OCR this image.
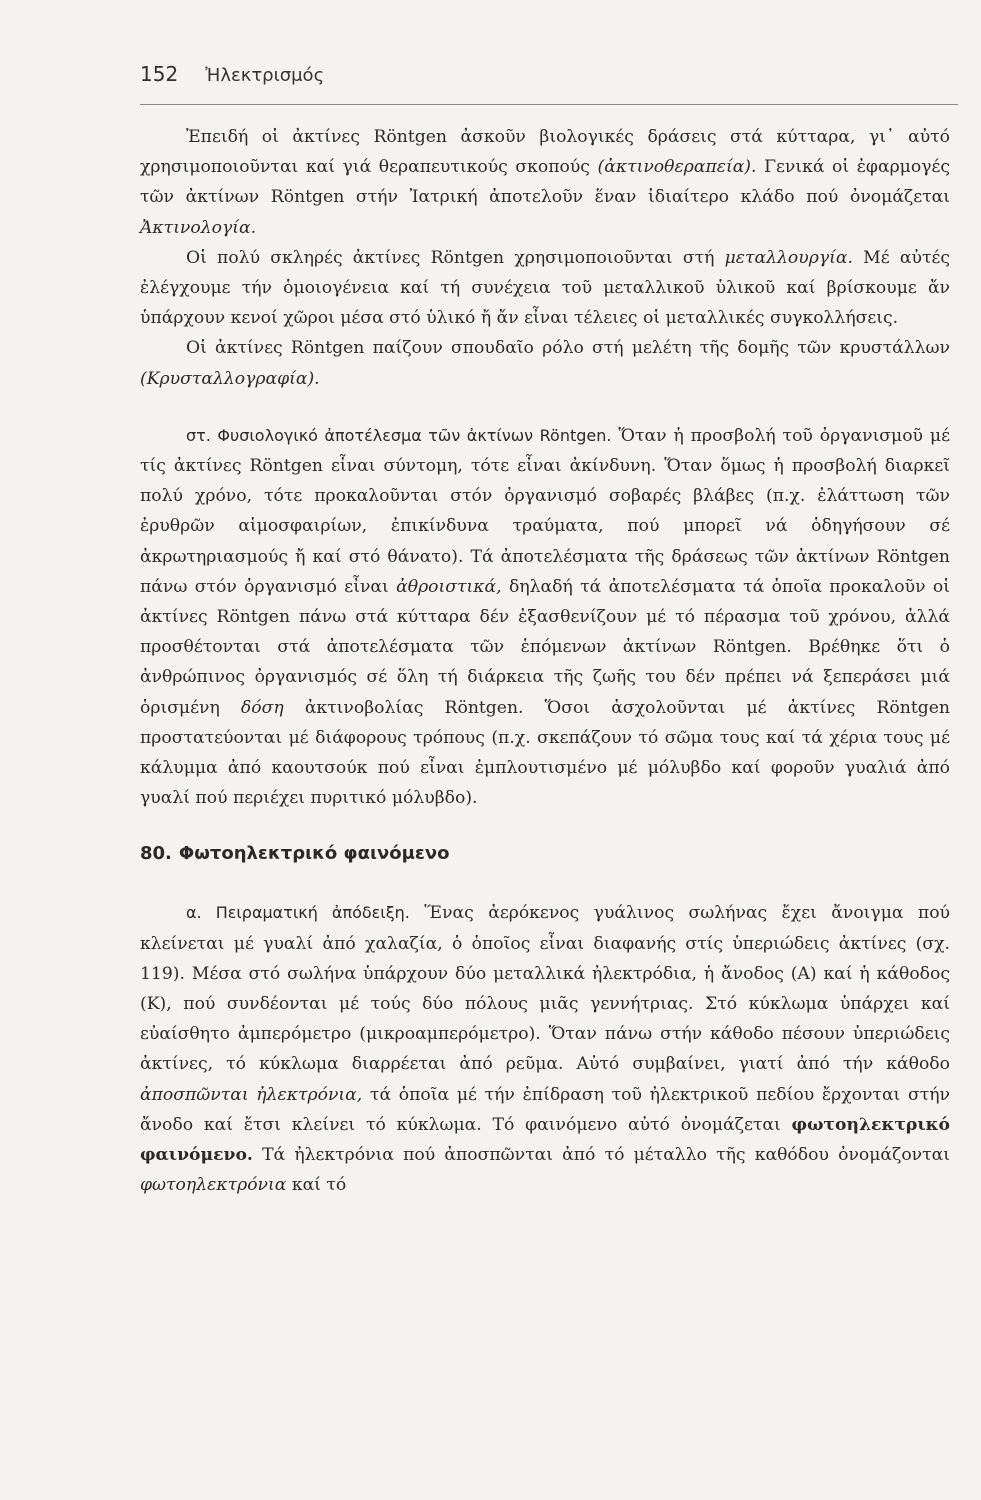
152 Ἠλεκτρισμός

Ἐπειδή οἱ ἀκτίνες Röntgen ἀσκοῦν βιολογικές δράσεις στά κύτταρα, γι᾽ αὐτό χρησιμοποιοῦνται καί γιά θεραπευτικούς σκοπούς (ἀκτινοθεραπεία). Γενικά οἱ ἐφαρμογές τῶν ἀκτίνων Röntgen στήν Ἰατρική ἀποτελοῦν ἕναν ἰδιαίτερο κλάδο πού ὀνομάζεται Ἀκτινολογία.

Οἱ πολύ σκληρές ἀκτίνες Röntgen χρησιμοποιοῦνται στή μεταλλουργία. Μέ αὐτές ἐλέγχουμε τήν ὁμοιογένεια καί τή συνέχεια τοῦ μεταλλικοῦ ὑλικοῦ καί βρίσκουμε ἄν ὑπάρχουν κενοί χῶροι μέσα στό ὑλικό ἤ ἄν εἶναι τέλειες οἱ μεταλλικές συγκολλήσεις.

Οἱ ἀκτίνες Röntgen παίζουν σπουδαῖο ρόλο στή μελέτη τῆς δομῆς τῶν κρυστάλλων (Κρυσταλλογραφία).

στ. Φυσιολογικό ἀποτέλεσμα τῶν ἀκτίνων Röntgen. Ὅταν ἡ προσβολή τοῦ ὀργανισμοῦ μέ τίς ἀκτίνες Röntgen εἶναι σύντομη, τότε εἶναι ἀκίνδυνη. Ὅταν ὅμως ἡ προσβολή διαρκεῖ πολύ χρόνο, τότε προκαλοῦνται στόν ὀργανισμό σοβαρές βλάβες (π.χ. ἐλάττωση τῶν ἐρυθρῶν αἱμοσφαιρίων, ἐπικίνδυνα τραύματα, πού μπορεῖ νά ὁδηγήσουν σέ ἀκρωτηριασμούς ἤ καί στό θάνατο). Τά ἀποτελέσματα τῆς δράσεως τῶν ἀκτίνων Röntgen πάνω στόν ὀργανισμό εἶναι ἀθροιστικά, δηλαδή τά ἀποτελέσματα τά ὁποῖα προκαλοῦν οἱ ἀκτίνες Röntgen πάνω στά κύτταρα δέν ἐξασθενίζουν μέ τό πέρασμα τοῦ χρόνου, ἀλλά προσθέτονται στά ἀποτελέσματα τῶν ἑπόμενων ἀκτίνων Röntgen. Βρέθηκε ὅτι ὁ ἀνθρώπινος ὀργανισμός σέ ὅλη τή διάρκεια τῆς ζωῆς του δέν πρέπει νά ξεπεράσει μιά ὁρισμένη δόση ἀκτινοβολίας Röntgen. Ὅσοι ἀσχολοῦνται μέ ἀκτίνες Röntgen προστατεύονται μέ διάφορους τρόπους (π.χ. σκεπάζουν τό σῶμα τους καί τά χέρια τους μέ κάλυμμα ἀπό καουτσούκ πού εἶναι ἐμπλουτισμένο μέ μόλυβδο καί φοροῦν γυαλιά ἀπό γυαλί πού περιέχει πυριτικό μόλυβδο).

80. Φωτοηλεκτρικό φαινόμενο

α. Πειραματική ἀπόδειξη. Ἕνας ἀερόκενος γυάλινος σωλήνας ἔχει ἄνοιγμα πού κλείνεται μέ γυαλί ἀπό χαλαζία, ὁ ὁποῖος εἶναι διαφανής στίς ὑπεριώδεις ἀκτίνες (σχ. 119). Μέσα στό σωλήνα ὑπάρχουν δύο μεταλλικά ἠλεκτρόδια, ἡ ἄνοδος (Α) καί ἡ κάθοδος (Κ), πού συνδέονται μέ τούς δύο πόλους μιᾶς γεννήτριας. Στό κύκλωμα ὑπάρχει καί εὐαίσθητο ἀμπερόμετρο (μικροαμπερόμετρο). Ὅταν πάνω στήν κάθοδο πέσουν ὑπεριώδεις ἀκτίνες, τό κύκλωμα διαρρέεται ἀπό ρεῦμα. Αὐτό συμβαίνει, γιατί ἀπό τήν κάθοδο ἀποσπῶνται ἠλεκτρόνια, τά ὁποῖα μέ τήν ἐπίδραση τοῦ ἠλεκτρικοῦ πεδίου ἔρχονται στήν ἄνοδο καί ἔτσι κλείνει τό κύκλωμα. Τό φαινόμενο αὐτό ὀνομάζεται φωτοηλεκτρικό φαινόμενο. Τά ἠλεκτρόνια πού ἀποσπῶνται ἀπό τό μέταλλο τῆς καθόδου ὀνομάζονται φωτοηλεκτρόνια καί τό
